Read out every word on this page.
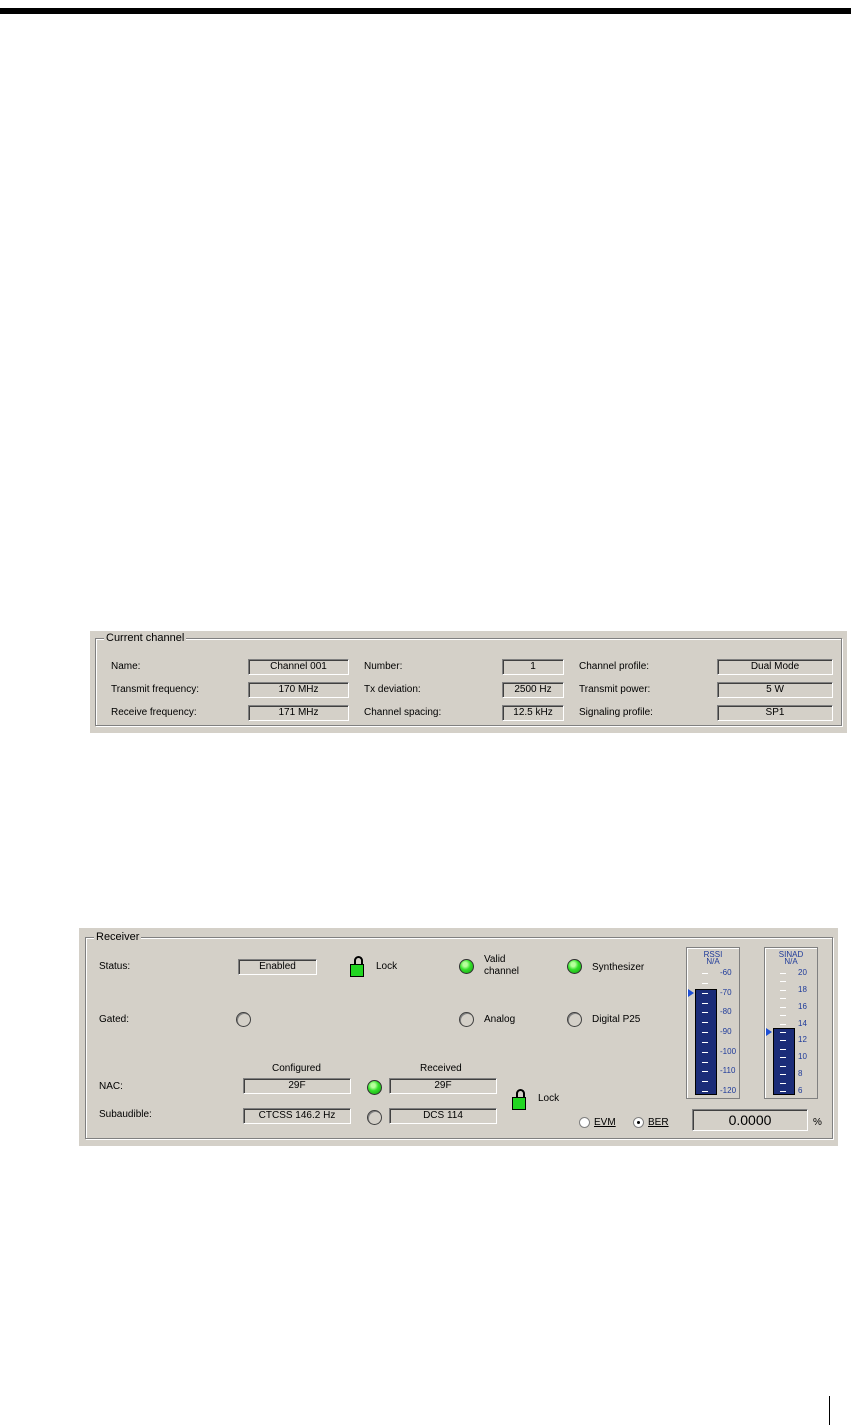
Current channel
Name:	Channel 001
Transmit frequency:	170 MHz
Receive frequency:	171 MHz
Number:	1
Tx deviation:	2500 Hz
Channel spacing:	12.5 kHz
Channel profile:	Dual Mode
Transmit power:	5 W
Signaling profile:	SP1
Receiver
Status:	Enabled	Lock
Valid
channel	Synthesizer
Gated:	Analog	Digital P25
Configured	Received
NAC:	29F	29F
Subaudible:	CTCSS 146.2 Hz	DCS 114
Lock
EVM	BER	0.0000	%
RSSI
N/A
-60
-70
-80
-90
-100
-110
-120
SINAD
N/A
20
18
16
14
12
10
8
6
